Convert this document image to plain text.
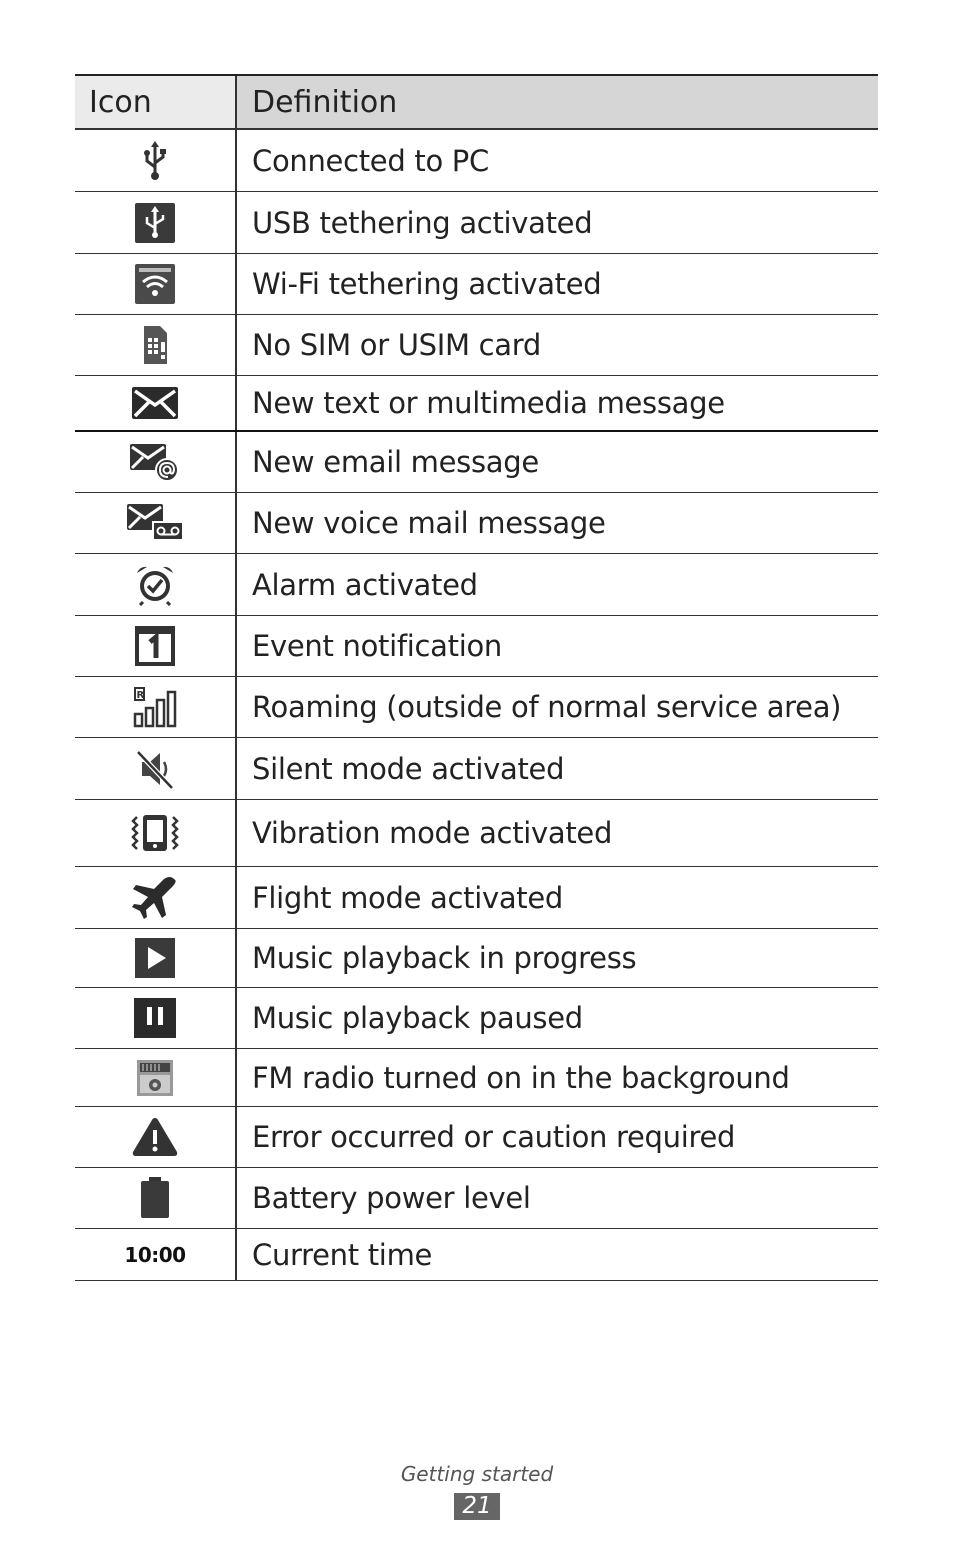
Icon	Definition
Connected to PC
USB tethering activated
Wi-Fi tethering activated
No SIM or USIM card
New text or multimedia message
New email message
New voice mail message
Alarm activated
Event notification
R	Roaming (outside of normal service area)
Silent mode activated
Vibration mode activated
Flight mode activated
Music playback in progress
Music playback paused
FM radio turned on in the background
Error occurred or caution required
Battery power level
10:00	Current time
Getting started
21
